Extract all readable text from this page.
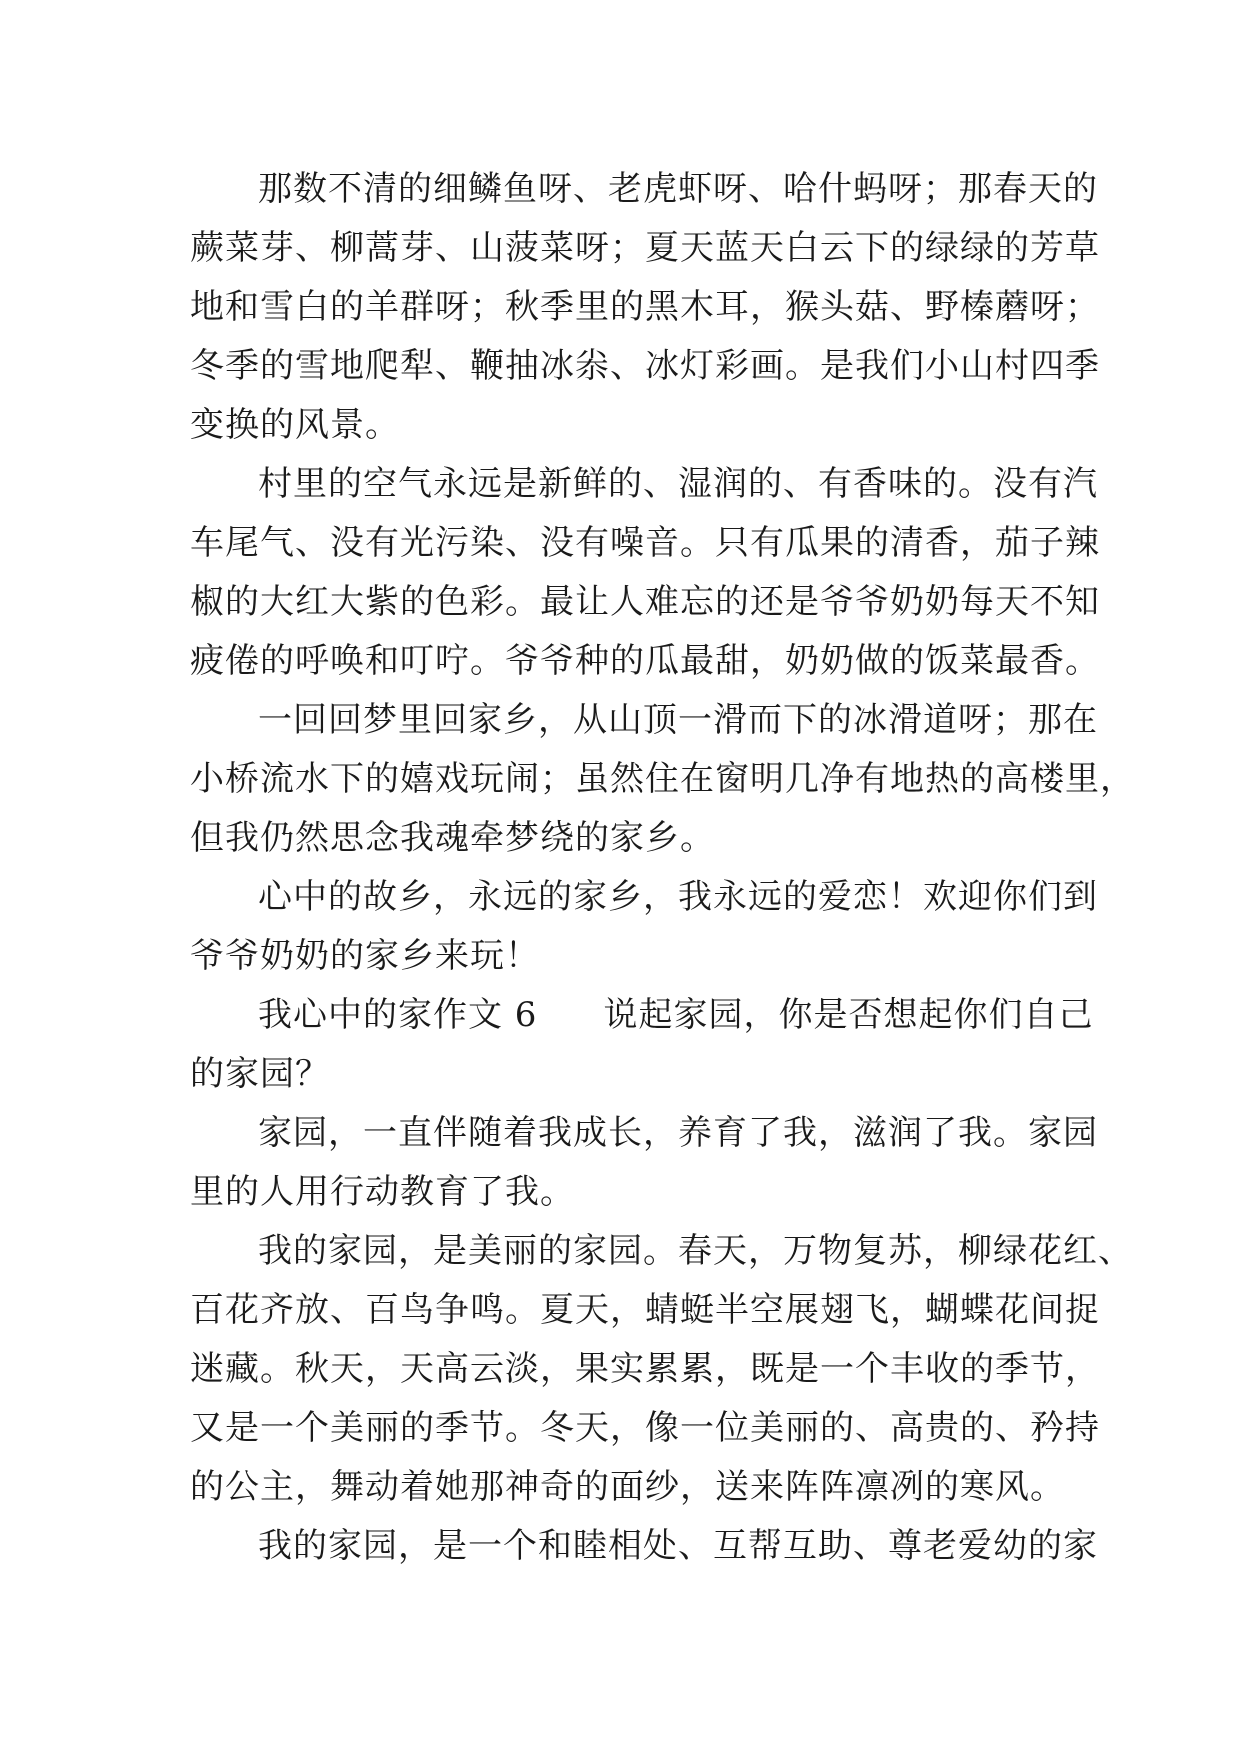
那数不清的细鳞鱼呀、老虎虾呀、哈什蚂呀；那春天的
蕨菜芽、柳蒿芽、山菠菜呀；夏天蓝天白云下的绿绿的芳草
地和雪白的羊群呀；秋季里的黑木耳，猴头菇、野榛蘑呀；
冬季的雪地爬犁、鞭抽冰尜、冰灯彩画。是我们小山村四季
变换的风景。
村里的空气永远是新鲜的、湿润的、有香味的。没有汽
车尾气、没有光污染、没有噪音。只有瓜果的清香，茄子辣
椒的大红大紫的色彩。最让人难忘的还是爷爷奶奶每天不知
疲倦的呼唤和叮咛。爷爷种的瓜最甜，奶奶做的饭菜最香。
一回回梦里回家乡，从山顶一滑而下的冰滑道呀；那在
小桥流水下的嬉戏玩闹；虽然住在窗明几净有地热的高楼里，
但我仍然思念我魂牵梦绕的家乡。
心中的故乡，永远的家乡，我永远的爱恋！欢迎你们到
爷爷奶奶的家乡来玩！
我心中的家作文 6 说起家园，你是否想起你们自己
的家园？
家园，一直伴随着我成长，养育了我，滋润了我。家园
里的人用行动教育了我。
我的家园，是美丽的家园。春天，万物复苏，柳绿花红、
百花齐放、百鸟争鸣。夏天，蜻蜓半空展翅飞，蝴蝶花间捉
迷藏。秋天，天高云淡，果实累累，既是一个丰收的季节，
又是一个美丽的季节。冬天，像一位美丽的、高贵的、矜持
的公主，舞动着她那神奇的面纱，送来阵阵凛冽的寒风。
我的家园，是一个和睦相处、互帮互助、尊老爱幼的家
